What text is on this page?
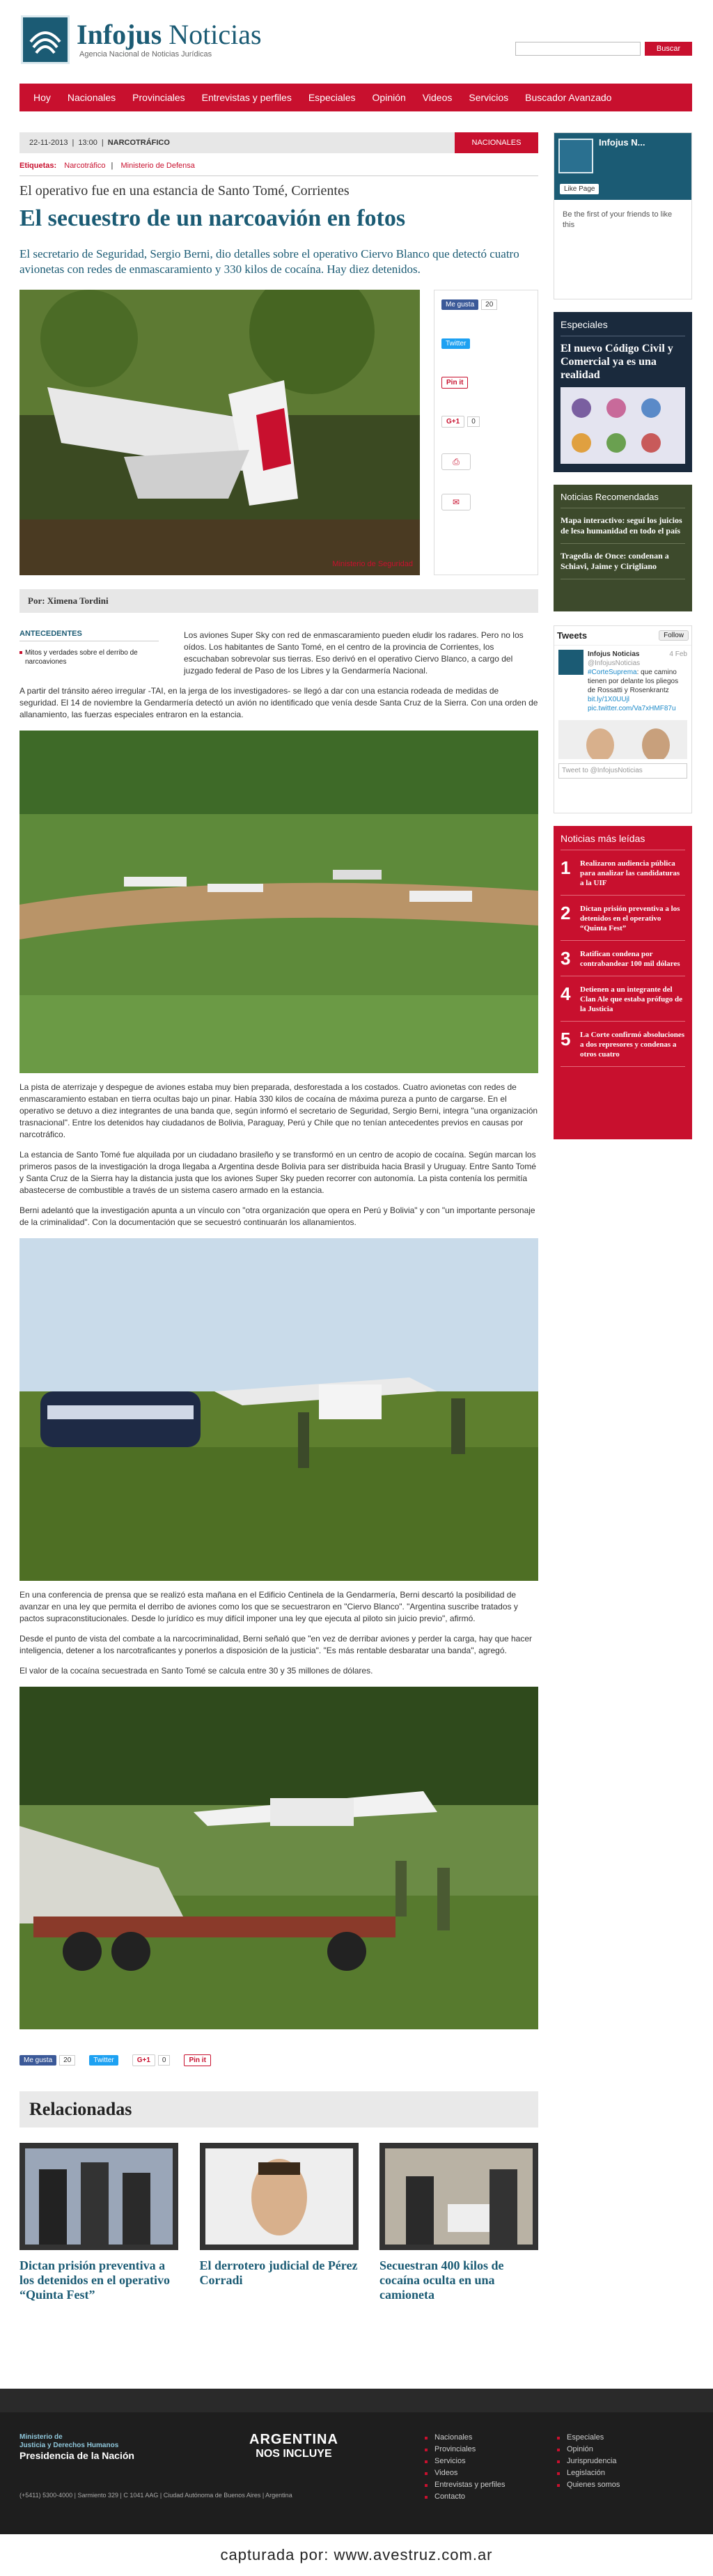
Infojus Noticias
Agencia Nacional de Noticias Jurídicas
Buscar
Hoy	Nacionales	Provinciales	Entrevistas y perfiles	Especiales	Opinión	Videos	Servicios	Buscador Avanzado
22-11-2013 | 13:00 | NARCOTRÁFICO	NACIONALES
Etiquetas: Narcotráfico | Ministerio de Defensa
El operativo fue en una estancia de Santo Tomé, Corrientes
El secuestro de un narcoavión en fotos

El secretario de Seguridad, Sergio Berni, dio detalles sobre el operativo Ciervo Blanco que detectó cuatro avionetas con redes de enmascaramiento y 330 kilos de cocaína. Hay diez detenidos.

Ministerio de Seguridad
Me gusta	20
Twitter
Pin it
G+1	0
⎙
✉
Por: Ximena Tordini
ANTECEDENTES

Mitos y verdades sobre el derribo de narcoaviones

Los aviones Super Sky con red de enmascaramiento pueden eludir los radares. Pero no los oídos. Los habitantes de Santo Tomé, en el centro de la provincia de Corrientes, los escuchaban sobrevolar sus tierras. Eso derivó en el operativo Ciervo Blanco, a cargo del juzgado federal de Paso de los Libres y la Gendarmería Nacional.

A partir del tránsito aéreo irregular -TAI, en la jerga de los investigadores- se llegó a dar con una estancia rodeada de medidas de seguridad. El 14 de noviembre la Gendarmería detectó un avión no identificado que venía desde Santa Cruz de la Sierra. Con una orden de allanamiento, las fuerzas especiales entraron en la estancia.

La pista de aterrizaje y despegue de aviones estaba muy bien preparada, desforestada a los costados. Cuatro avionetas con redes de enmascaramiento estaban en tierra ocultas bajo un pinar. Había 330 kilos de cocaína de máxima pureza a punto de cargarse. En el operativo se detuvo a diez integrantes de una banda que, según informó el secretario de Seguridad, Sergio Berni, integra "una organización trasnacional". Entre los detenidos hay ciudadanos de Bolivia, Paraguay, Perú y Chile que no tenían antecedentes previos en causas por narcotráfico.

La estancia de Santo Tomé fue alquilada por un ciudadano brasileño y se transformó en un centro de acopio de cocaína. Según marcan los primeros pasos de la investigación la droga llegaba a Argentina desde Bolivia para ser distribuida hacia Brasil y Uruguay. Entre Santo Tomé y Santa Cruz de la Sierra hay la distancia justa que los aviones Super Sky pueden recorrer con autonomía. La pista contenía los permitía abastecerse de combustible a través de un sistema casero armado en la estancia.

Berni adelantó que la investigación apunta a un vínculo con "otra organización que opera en Perú y Bolivia" y con "un importante personaje de la criminalidad". Con la documentación que se secuestró continuarán los allanamientos.

En una conferencia de prensa que se realizó esta mañana en el Edificio Centinela de la Gendarmería, Berni descartó la posibilidad de avanzar en una ley que permita el derribo de aviones como los que se secuestraron en "Ciervo Blanco". "Argentina suscribe tratados y pactos supraconstitucionales. Desde lo jurídico es muy difícil imponer una ley que ejecuta al piloto sin juicio previo", afirmó.

Desde el punto de vista del combate a la narcocriminalidad, Berni señaló que "en vez de derribar aviones y perder la carga, hay que hacer inteligencia, detener a los narcotraficantes y ponerlos a disposición de la justicia". "Es más rentable desbaratar una banda", agregó.

El valor de la cocaína secuestrada en Santo Tomé se calcula entre 30 y 35 millones de dólares.

Me gusta 20	Twitter	G+1 0	Pin it
Relacionadas
Dictan prisión preventiva a los detenidos en el operativo “Quinta Fest”
El derrotero judicial de Pérez Corradi
Secuestran 400 kilos de cocaína oculta en una camioneta
Infojus N...
Like Page
Be the first of your friends to like this
Especiales

El nuevo Código Civil y Comercial ya es una realidad

Noticias Recomendadas

Mapa interactivo: seguí los juicios de lesa humanidad en todo el país

Tragedia de Once: condenan a Schiavi, Jaime y Cirigliano

Tweets	Follow
Infojus Noticias	4 Feb

@InfojusNoticias
#CorteSuprema: que camino tienen por delante los pliegos de Rossatti y Rosenkrantz bit.ly/1X0UUjl pic.twitter.com/Va7xHMF87u
Tweet to @InfojusNoticias
Noticias más leídas
1	Realizaron audiencia pública para analizar las candidaturas a la UIF
2	Dictan prisión preventiva a los detenidos en el operativo “Quinta Fest”
3	Ratifican condena por contrabandear 100 mil dólares
4	Detienen a un integrante del Clan Ale que estaba prófugo de la Justicia
5	La Corte confirmó absoluciones a dos represores y condenas a otros cuatro
Ministerio de
Justicia y Derechos Humanos
Presidencia de la Nación
ARGENTINA
NOS INCLUYE
(+5411) 5300-4000 | Sarmiento 329 | C 1041 AAG | Ciudad Autónoma de Buenos Aires | Argentina
Nacionales
Provinciales
Servicios
Videos
Entrevistas y perfiles
Contacto
Especiales
Opinión
Jurisprudencia
Legislación
Quienes somos
capturada por: www.avestruz.com.ar
